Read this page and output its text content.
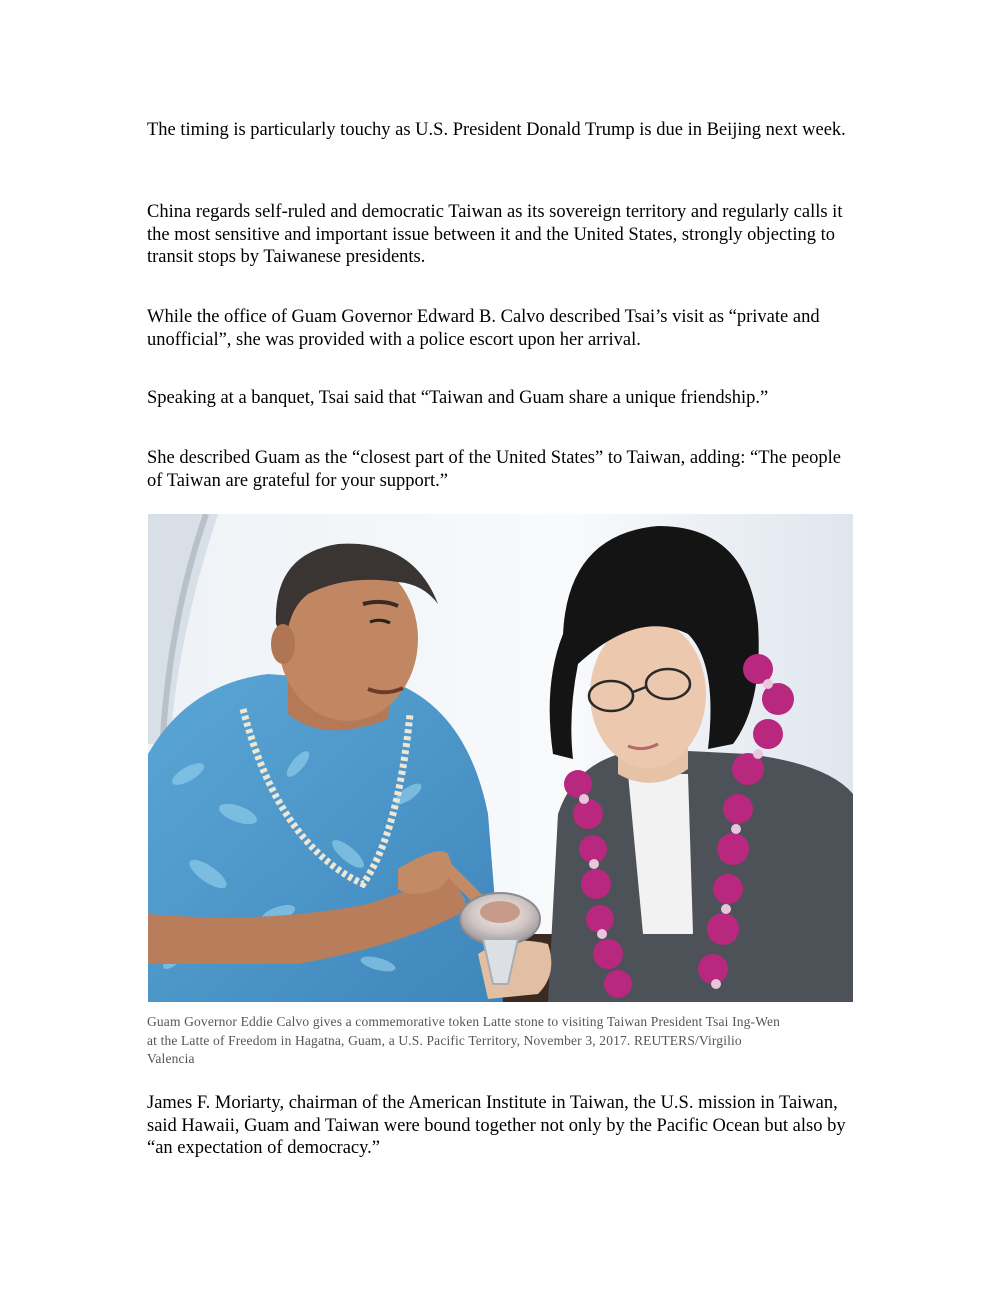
The timing is particularly touchy as U.S. President Donald Trump is due in Beijing next week.

China regards self-ruled and democratic Taiwan as its sovereign territory and regularly calls it the most sensitive and important issue between it and the United States, strongly objecting to transit stops by Taiwanese presidents.

While the office of Guam Governor Edward B. Calvo described Tsai’s visit as “private and unofficial”, she was provided with a police escort upon her arrival.

Speaking at a banquet, Tsai said that “Taiwan and Guam share a unique friendship.”

She described Guam as the “closest part of the United States” to Taiwan, adding: “The people of Taiwan are grateful for your support.”

Guam Governor Eddie Calvo gives a commemorative token Latte stone to visiting Taiwan President Tsai Ing-Wen at the Latte of Freedom in Hagatna, Guam, a U.S. Pacific Territory, November 3, 2017. REUTERS/Virgilio Valencia

James F. Moriarty, chairman of the American Institute in Taiwan, the U.S. mission in Taiwan, said Hawaii, Guam and Taiwan were bound together not only by the Pacific Ocean but also by “an expectation of democracy.”
